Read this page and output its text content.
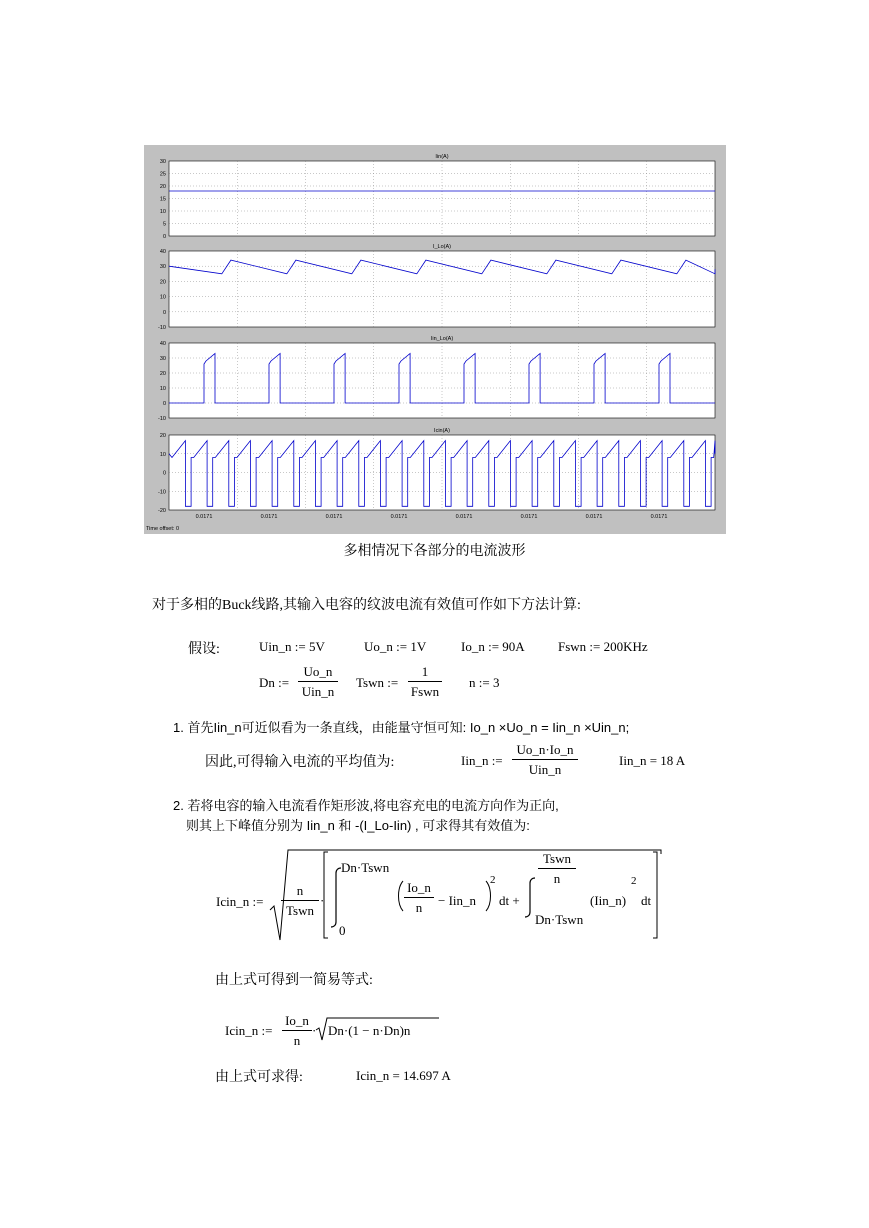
30
25
20
15
10
5
0
Iin(A)
40
30
20
10
0
-10
I_Lo(A)
40
30
20
10
0
-10
Iin_Lo(A)
20
10
0
-10
-20
Icin(A)
0.0171	0.0171	0.0171	0.0171	0.0171	0.0171	0.0171	0.0171
Time offset: 0
多相情况下各部分的电流波形
对于多相的Buck线路,其输入电容的纹波电流有效值可作如下方法计算:
假设:	Uin_n := 5V	Uo_n := 1V	Io_n := 90A	Fswn := 200KHz
Dn :=
Uo_n
Uin_n
Tswn :=
1
Fswn
n := 3
1. 首先Iin_n可近似看为一条直线，由能量守恒可知: Io_n ×Uo_n = Iin_n ×Uin_n;
因此,可得输入电流的平均值为:	Iin_n :=
Uo_n·Io_n
Uin_n
Iin_n = 18 A
2. 若将电容的输入电流看作矩形波,将电容充电的电流方向作为正向,
则其上下峰值分别为 Iin_n 和 -(I_Lo-Iin) , 可求得其有效值为:
Icin_n :=
n
Tswn
·
Dn·Tswn
0
Io_n
n	− Iin_n
2
dt +
Tswn
n
Dn·Tswn
(Iin_n)
2
dt
由上式可得到一简易等式:
Icin_n :=
Io_n
n
· Dn·(1 − n·Dn)n
由上式可求得:	Icin_n = 14.697 A
